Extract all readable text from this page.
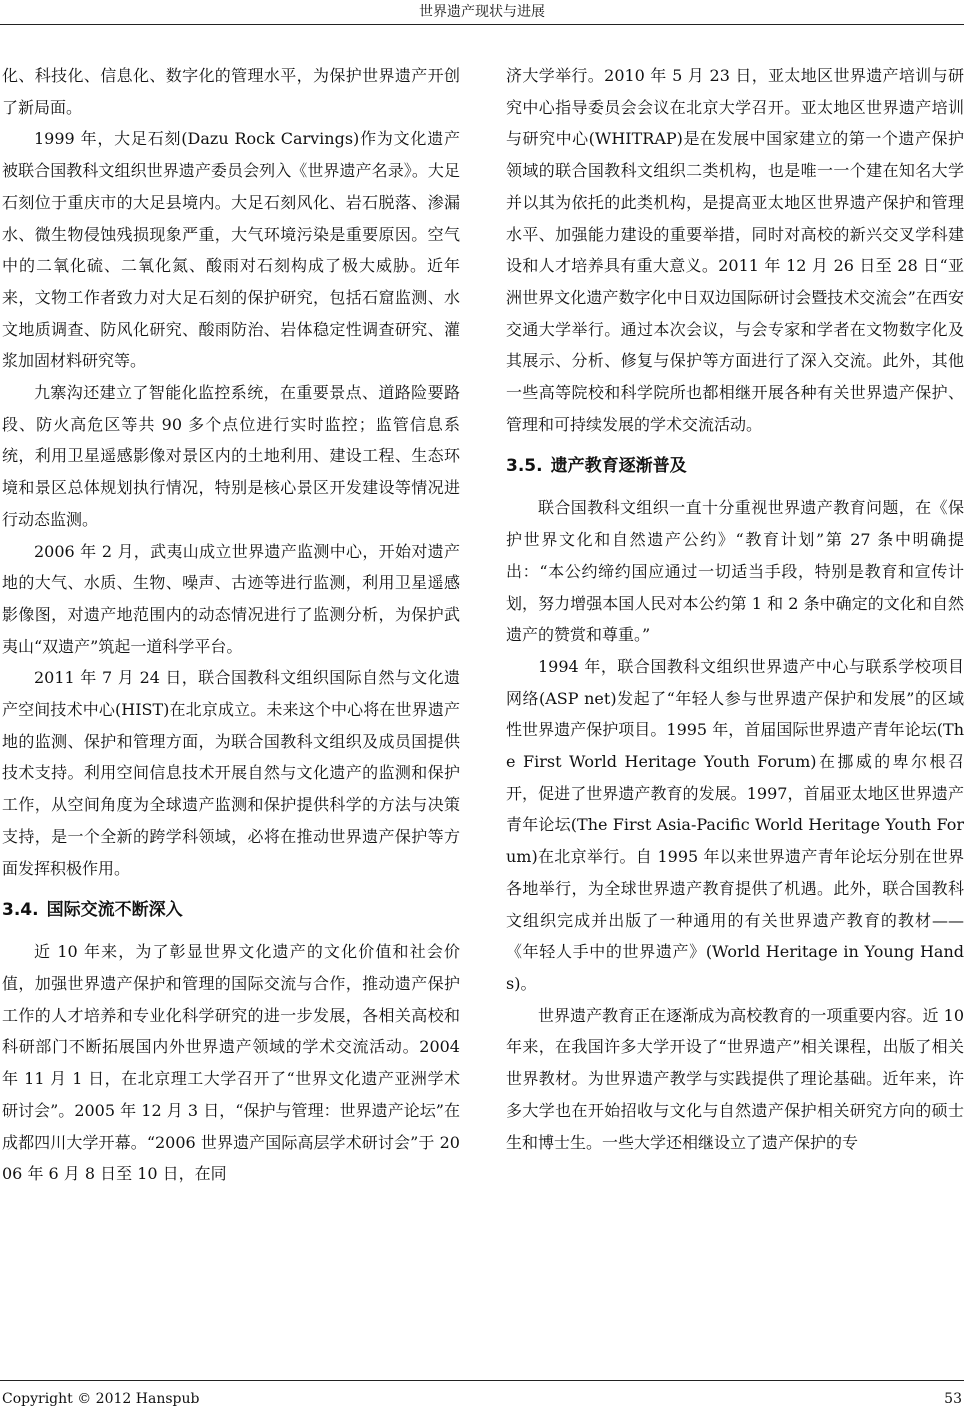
世界遗产现状与进展

化、科技化、信息化、数字化的管理水平，为保护世界遗产开创了新局面。

1999 年，大足石刻(Dazu Rock Carvings)作为文化遗产被联合国教科文组织世界遗产委员会列入《世界遗产名录》。大足石刻位于重庆市的大足县境内。大足石刻风化、岩石脱落、渗漏水、微生物侵蚀残损现象严重，大气环境污染是重要原因。空气中的二氧化硫、二氧化氮、酸雨对石刻构成了极大威胁。近年来，文物工作者致力对大足石刻的保护研究，包括石窟监测、水文地质调查、防风化研究、酸雨防治、岩体稳定性调查研究、灌浆加固材料研究等。

九寨沟还建立了智能化监控系统，在重要景点、道路险要路段、防火高危区等共 90 多个点位进行实时监控；监管信息系统，利用卫星遥感影像对景区内的土地利用、建设工程、生态环境和景区总体规划执行情况，特别是核心景区开发建设等情况进行动态监测。

2006 年 2 月，武夷山成立世界遗产监测中心，开始对遗产地的大气、水质、生物、噪声、古迹等进行监测，利用卫星遥感影像图，对遗产地范围内的动态情况进行了监测分析，为保护武夷山“双遗产”筑起一道科学平台。

2011 年 7 月 24 日，联合国教科文组织国际自然与文化遗产空间技术中心(HIST)在北京成立。未来这个中心将在世界遗产地的监测、保护和管理方面，为联合国教科文组织及成员国提供技术支持。利用空间信息技术开展自然与文化遗产的监测和保护工作，从空间角度为全球遗产监测和保护提供科学的方法与决策支持，是一个全新的跨学科领域，必将在推动世界遗产保护等方面发挥积极作用。

3.4. 国际交流不断深入

近 10 年来，为了彰显世界文化遗产的文化价值和社会价值，加强世界遗产保护和管理的国际交流与合作，推动遗产保护工作的人才培养和专业化科学研究的进一步发展，各相关高校和科研部门不断拓展国内外世界遗产领域的学术交流活动。2004 年 11 月 1 日，在北京理工大学召开了“世界文化遗产亚洲学术研讨会”。2005 年 12 月 3 日，“保护与管理：世界遗产论坛”在成都四川大学开幕。“2006 世界遗产国际高层学术研讨会”于 2006 年 6 月 8 日至 10 日，在同

济大学举行。2010 年 5 月 23 日，亚太地区世界遗产培训与研究中心指导委员会会议在北京大学召开。亚太地区世界遗产培训与研究中心(WHITRAP)是在发展中国家建立的第一个遗产保护领域的联合国教科文组织二类机构，也是唯一一个建在知名大学并以其为依托的此类机构，是提高亚太地区世界遗产保护和管理水平、加强能力建设的重要举措，同时对高校的新兴交叉学科建设和人才培养具有重大意义。2011 年 12 月 26 日至 28 日“亚洲世界文化遗产数字化中日双边国际研讨会暨技术交流会”在西安交通大学举行。通过本次会议，与会专家和学者在文物数字化及其展示、分析、修复与保护等方面进行了深入交流。此外，其他一些高等院校和科学院所也都相继开展各种有关世界遗产保护、管理和可持续发展的学术交流活动。

3.5. 遗产教育逐渐普及

联合国教科文组织一直十分重视世界遗产教育问题，在《保护世界文化和自然遗产公约》“教育计划”第 27 条中明确提出：“本公约缔约国应通过一切适当手段，特别是教育和宣传计划，努力增强本国人民对本公约第 1 和 2 条中确定的文化和自然遗产的赞赏和尊重。”

1994 年，联合国教科文组织世界遗产中心与联系学校项目网络(ASP net)发起了“年轻人参与世界遗产保护和发展”的区域性世界遗产保护项目。1995 年，首届国际世界遗产青年论坛(The First World Heritage Youth Forum)在挪威的卑尔根召开，促进了世界遗产教育的发展。1997，首届亚太地区世界遗产青年论坛(The First Asia-Pacific World Heritage Youth Forum)在北京举行。自 1995 年以来世界遗产青年论坛分别在世界各地举行，为全球世界遗产教育提供了机遇。此外，联合国教科文组织完成并出版了一种通用的有关世界遗产教育的教材——《年轻人手中的世界遗产》(World Heritage in Young Hands)。

世界遗产教育正在逐渐成为高校教育的一项重要内容。近 10 年来，在我国许多大学开设了“世界遗产”相关课程，出版了相关世界教材。为世界遗产教学与实践提供了理论基础。近年来，许多大学也在开始招收与文化与自然遗产保护相关研究方向的硕士生和博士生。一些大学还相继设立了遗产保护的专

Copyright © 2012 Hanspub	53
